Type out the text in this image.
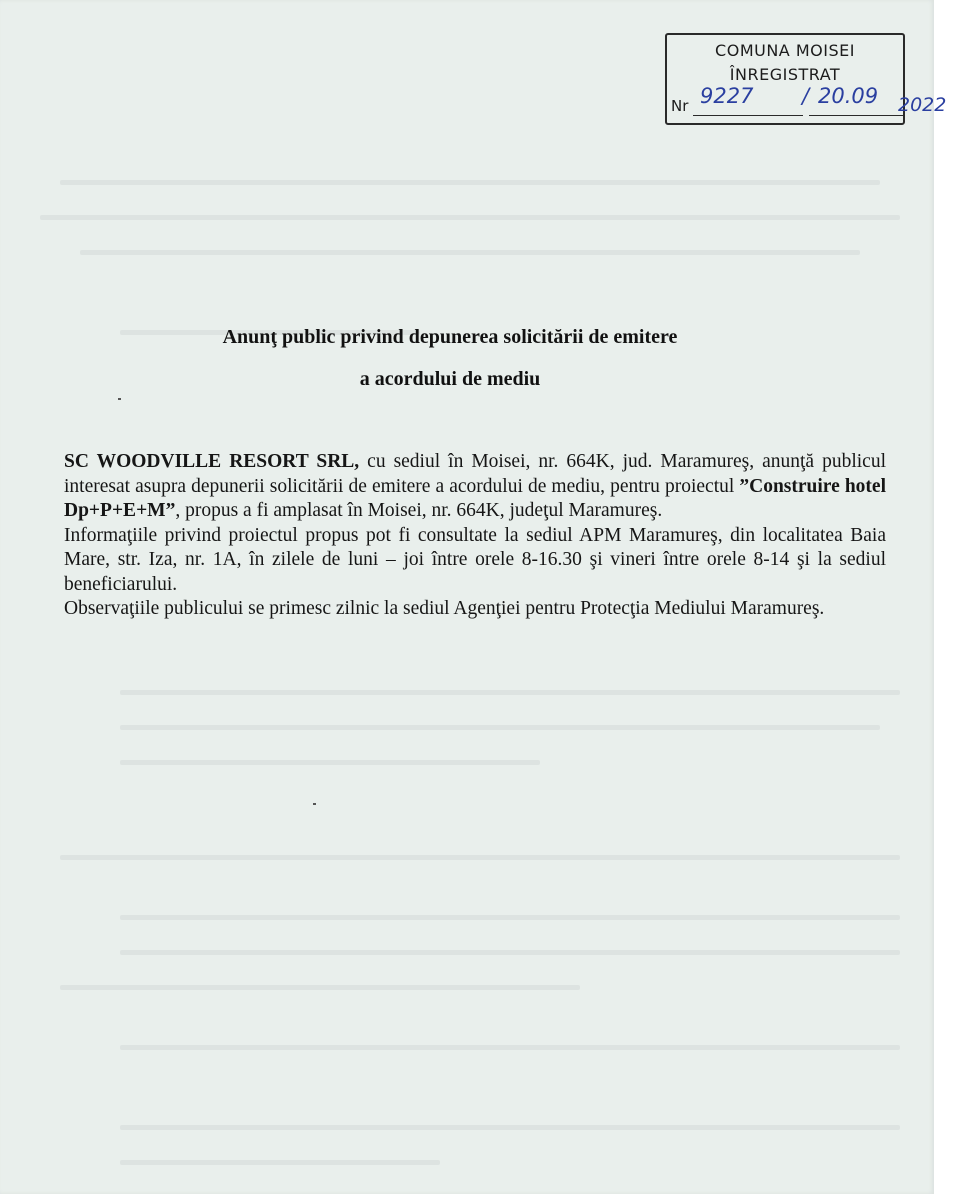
COMUNA MOISEI
ÎNREGISTRAT
Nr 9227 / 20.09 2022
Anunţ public privind depunerea solicitării de emitere
a acordului de mediu

SC WOODVILLE RESORT SRL, cu sediul în Moisei, nr. 664K, jud. Maramureş, anunţă publicul interesat asupra depunerii solicitării de emitere a acordului de mediu, pentru proiectul ”Construire hotel Dp+P+E+M”, propus a fi amplasat în Moisei, nr. 664K, judeţul Maramureş.

Informaţiile privind proiectul propus pot fi consultate la sediul APM Maramureş, din localitatea Baia Mare, str. Iza, nr. 1A, în zilele de luni – joi între orele 8-16.30 şi vineri între orele 8-14 şi la sediul beneficiarului.

Observaţiile publicului se primesc zilnic la sediul Agenţiei pentru Protecţia Mediului Maramureş.
